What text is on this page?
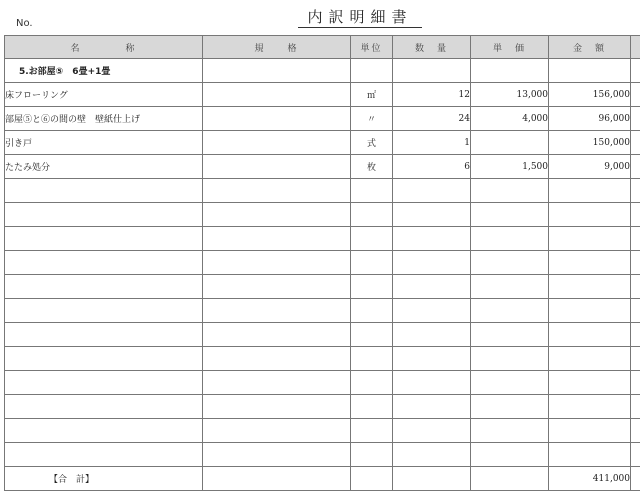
No.	内訳明細書
名　　　　称	規　　格	単位	数　量	単　価	金　額	
5.お部屋⑤　6畳+1畳						
床フローリング		㎡	12	13,000	156,000	
部屋⑤と⑥の間の壁　壁紙仕上げ		〃	24	4,000	96,000	
引き戸		式	1		150,000	
たたみ処分		枚	6	1,500	9,000	

【合　計】					411,000	
